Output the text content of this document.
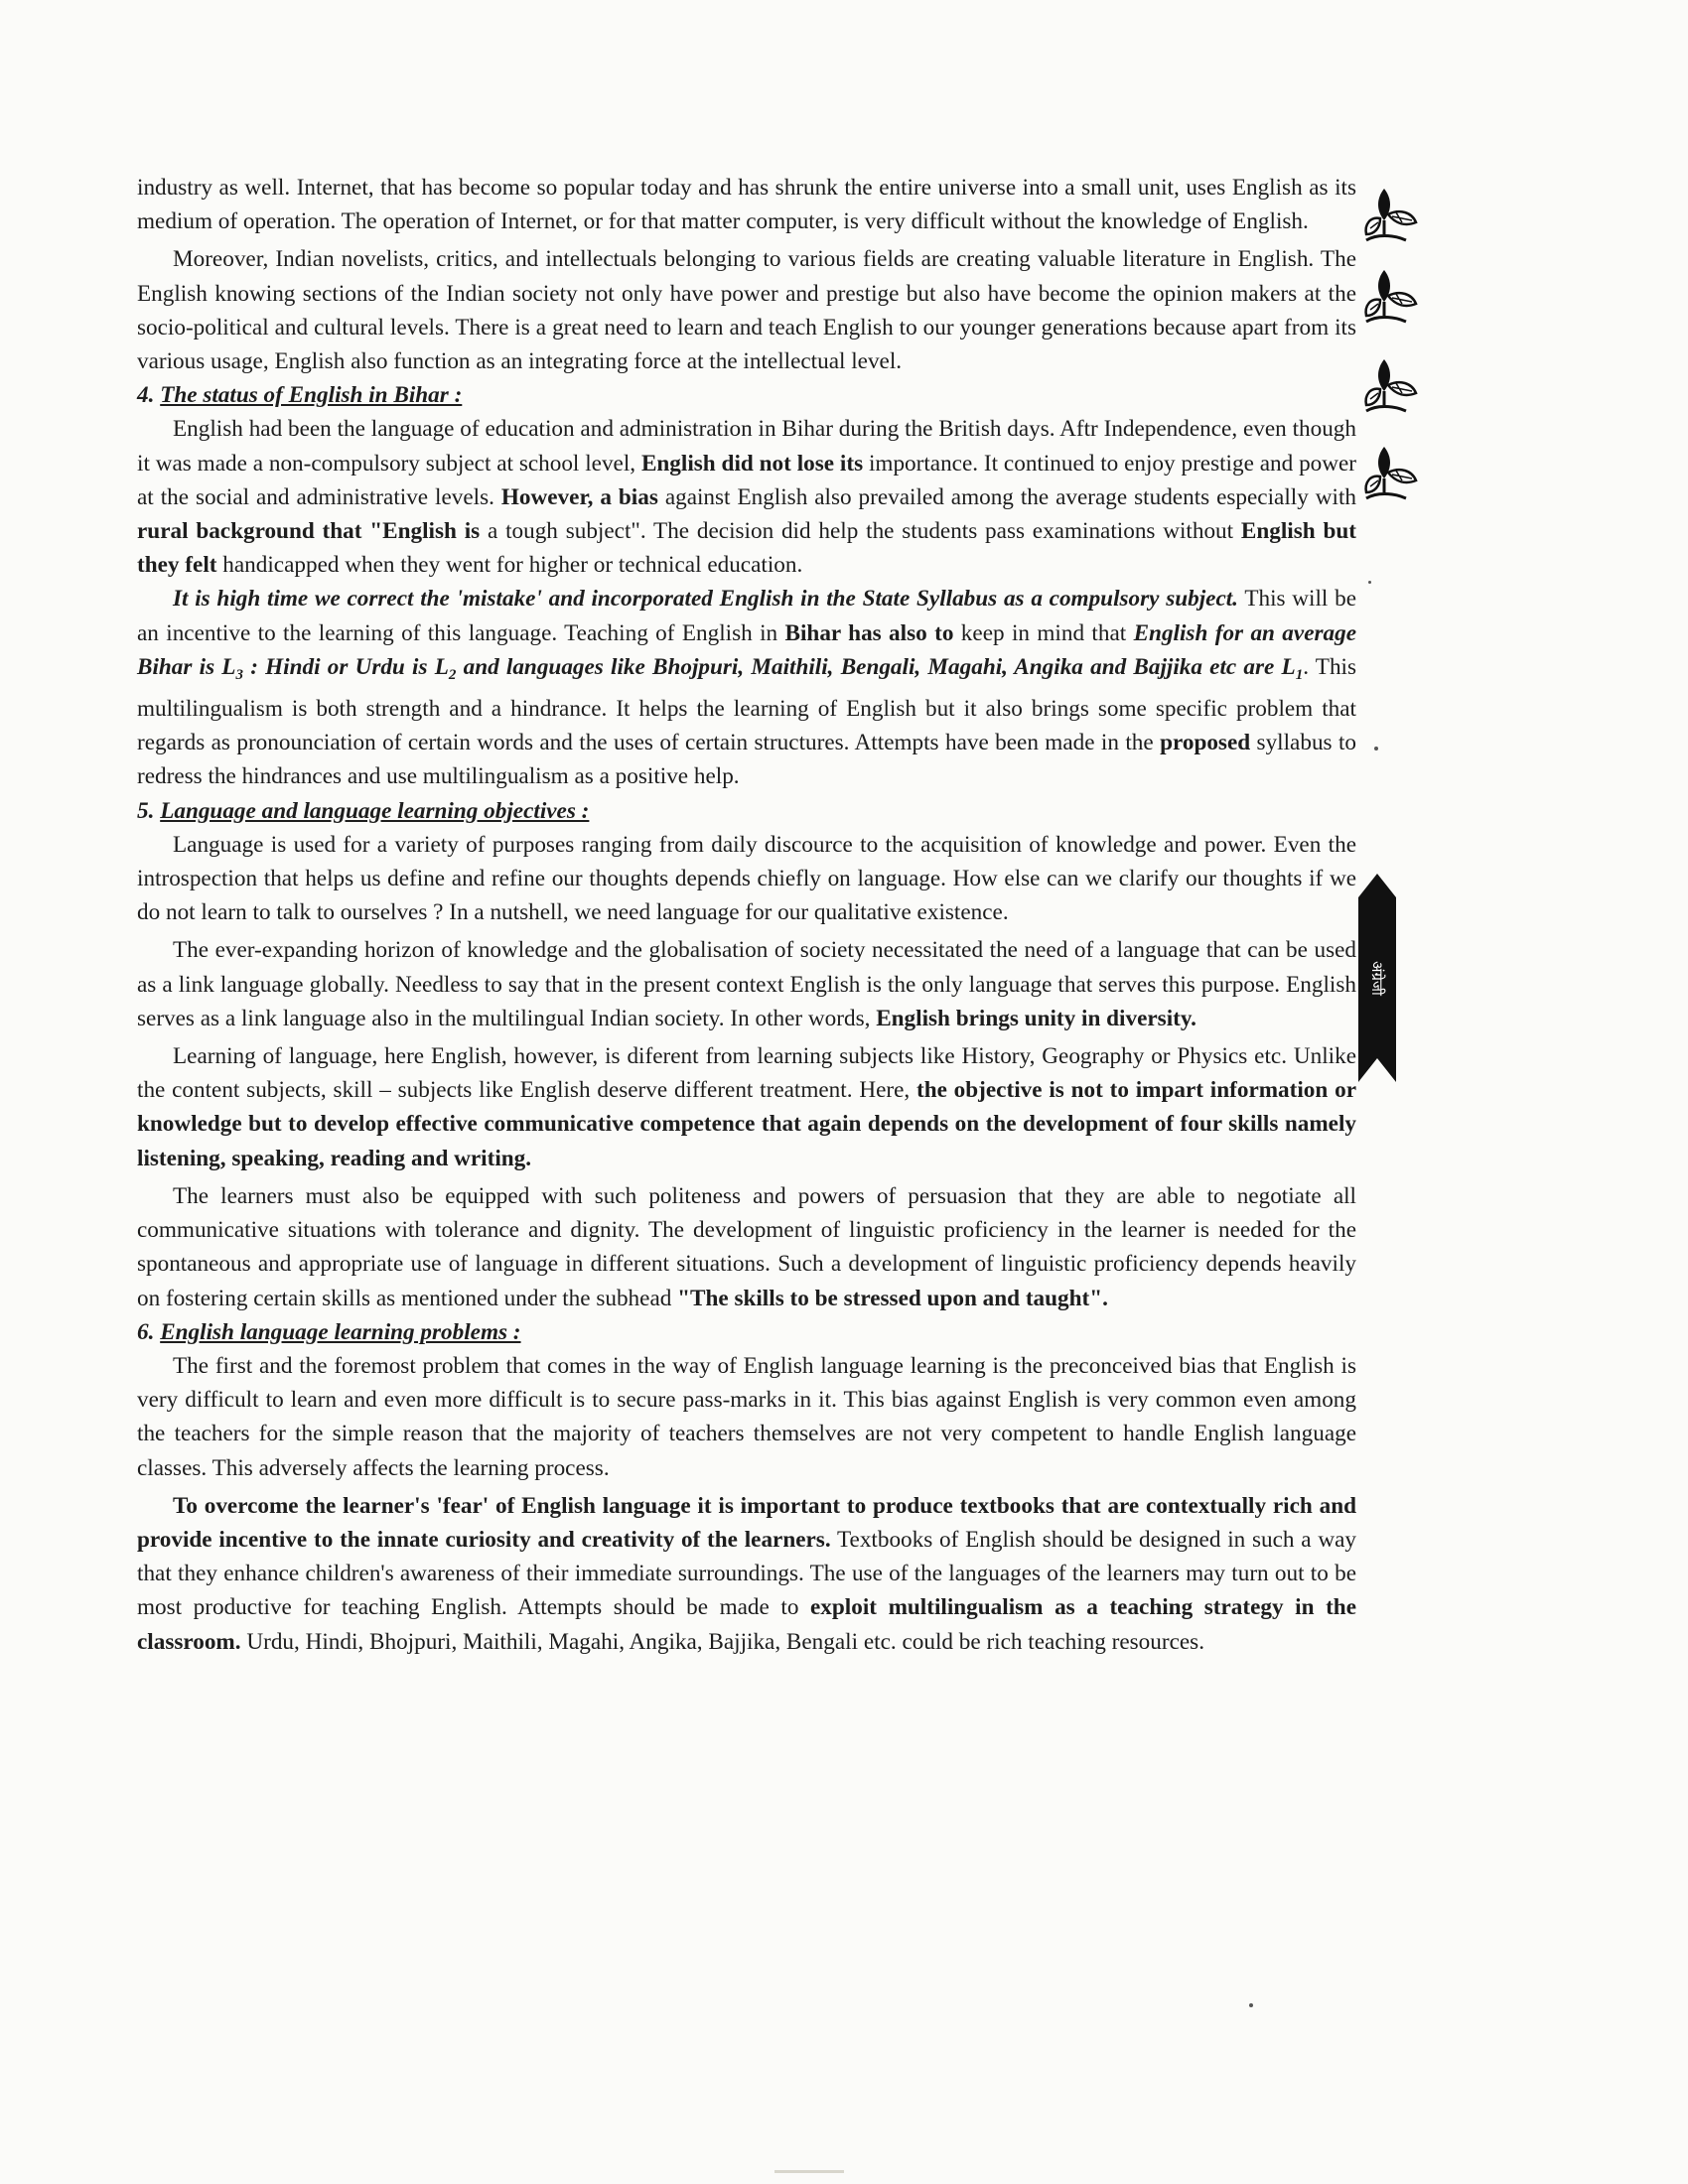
अंग्रेजी

industry as well. Internet, that has become so popular today and has shrunk the entire universe into a small unit, uses English as its medium of operation. The operation of Internet, or for that matter computer, is very difficult without the knowledge of English.

Moreover, Indian novelists, critics, and intellectuals belonging to various fields are creating valuable literature in English. The English knowing sections of the Indian society not only have power and prestige but also have become the opinion makers at the socio-political and cultural levels. There is a great need to learn and teach English to our younger generations because apart from its various usage, English also function as an integrating force at the intellectual level.

4. The status of English in Bihar :

English had been the language of education and administration in Bihar during the British days. Aftr Independence, even though it was made a non-compulsory subject at school level, English did not lose its importance. It continued to enjoy prestige and power at the social and administrative levels. However, a bias against English also prevailed among the average students especially with rural background that "English is a tough subject". The decision did help the students pass examinations without English but they felt handicapped when they went for higher or technical education.

It is high time we correct the 'mistake' and incorporated English in the State Syllabus as a compulsory subject. This will be an incentive to the learning of this language. Teaching of English in Bihar has also to keep in mind that English for an average Bihar is $L_3$ : Hindi or Urdu is $L_2$ and languages like Bhojpuri, Maithili, Bengali, Magahi, Angika and Bajjika etc are $L_1$. This multilingualism is both strength and a hindrance. It helps the learning of English but it also brings some specific problem that regards as pronounciation of certain words and the uses of certain structures. Attempts have been made in the proposed syllabus to redress the hindrances and use multilingualism as a positive help.

5. Language and language learning objectives :

Language is used for a variety of purposes ranging from daily discource to the acquisition of knowledge and power. Even the introspection that helps us define and refine our thoughts depends chiefly on language. How else can we clarify our thoughts if we do not learn to talk to ourselves ? In a nutshell, we need language for our qualitative existence.

The ever-expanding horizon of knowledge and the globalisation of society necessitated the need of a language that can be used as a link language globally. Needless to say that in the present context English is the only language that serves this purpose. English serves as a link language also in the multilingual Indian society. In other words, English brings unity in diversity.

Learning of language, here English, however, is diferent from learning subjects like History, Geography or Physics etc. Unlike the content subjects, skill – subjects like English deserve different treatment. Here, the objective is not to impart information or knowledge but to develop effective communicative competence that again depends on the development of four skills namely listening, speaking, reading and writing.

The learners must also be equipped with such politeness and powers of persuasion that they are able to negotiate all communicative situations with tolerance and dignity. The development of linguistic proficiency in the learner is needed for the spontaneous and appropriate use of language in different situations. Such a development of linguistic proficiency depends heavily on fostering certain skills as mentioned under the subhead "The skills to be stressed upon and taught".

6. English language learning problems :

The first and the foremost problem that comes in the way of English language learning is the preconceived bias that English is very difficult to learn and even more difficult is to secure pass-marks in it. This bias against English is very common even among the teachers for the simple reason that the majority of teachers themselves are not very competent to handle English language classes. This adversely affects the learning process.

To overcome the learner's 'fear' of English language it is important to produce textbooks that are contextually rich and provide incentive to the innate curiosity and creativity of the learners. Textbooks of English should be designed in such a way that they enhance children's awareness of their immediate surroundings. The use of the languages of the learners may turn out to be most productive for teaching English. Attempts should be made to exploit multilingualism as a teaching strategy in the classroom. Urdu, Hindi, Bhojpuri, Maithili, Magahi, Angika, Bajjika, Bengali etc. could be rich teaching resources.
